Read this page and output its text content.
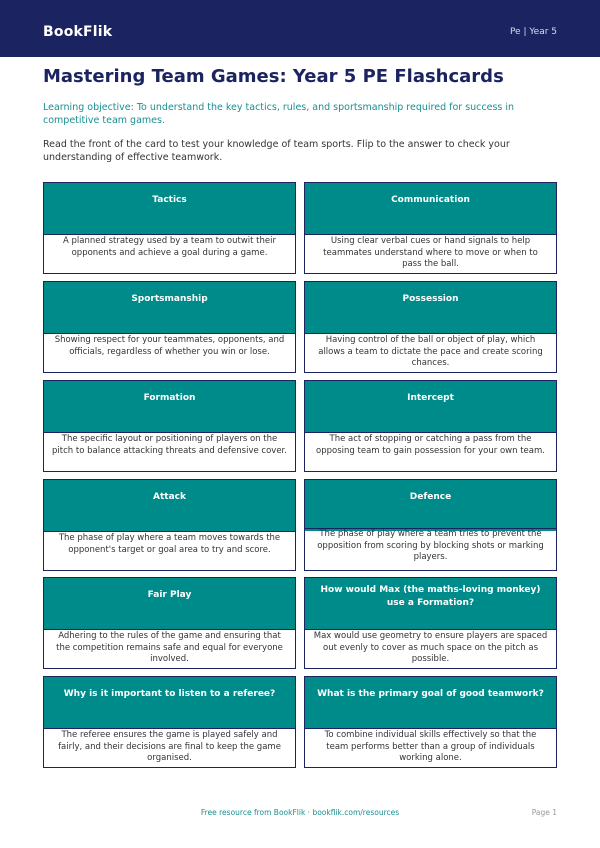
BookFlik	Pe | Year 5
Mastering Team Games: Year 5 PE Flashcards
Learning objective: To understand the key tactics, rules, and sportsmanship required for success in competitive team games.
Read the front of the card to test your knowledge of team sports. Flip to the answer to check your understanding of effective teamwork.
Tactics
A planned strategy used by a team to outwit their opponents and achieve a goal during a game.
Communication
Using clear verbal cues or hand signals to help teammates understand where to move or when to pass the ball.
Sportsmanship
Showing respect for your teammates, opponents, and officials, regardless of whether you win or lose.
Possession
Having control of the ball or object of play, which allows a team to dictate the pace and create scoring chances.
Formation
The specific layout or positioning of players on the pitch to balance attacking threats and defensive cover.
Intercept
The act of stopping or catching a pass from the opposing team to gain possession for your own team.
Attack
The phase of play where a team moves towards the opponent's target or goal area to try and score.
Defence
The phase of play where a team tries to prevent the opposition from scoring by blocking shots or marking players.
Fair Play
Adhering to the rules of the game and ensuring that the competition remains safe and equal for everyone involved.
How would Max (the maths-loving monkey) use a Formation?
Max would use geometry to ensure players are spaced out evenly to cover as much space on the pitch as possible.
Why is it important to listen to a referee?
The referee ensures the game is played safely and fairly, and their decisions are final to keep the game organised.
What is the primary goal of good teamwork?
To combine individual skills effectively so that the team performs better than a group of individuals working alone.
Free resource from BookFlik · bookflik.com/resources	Page 1
